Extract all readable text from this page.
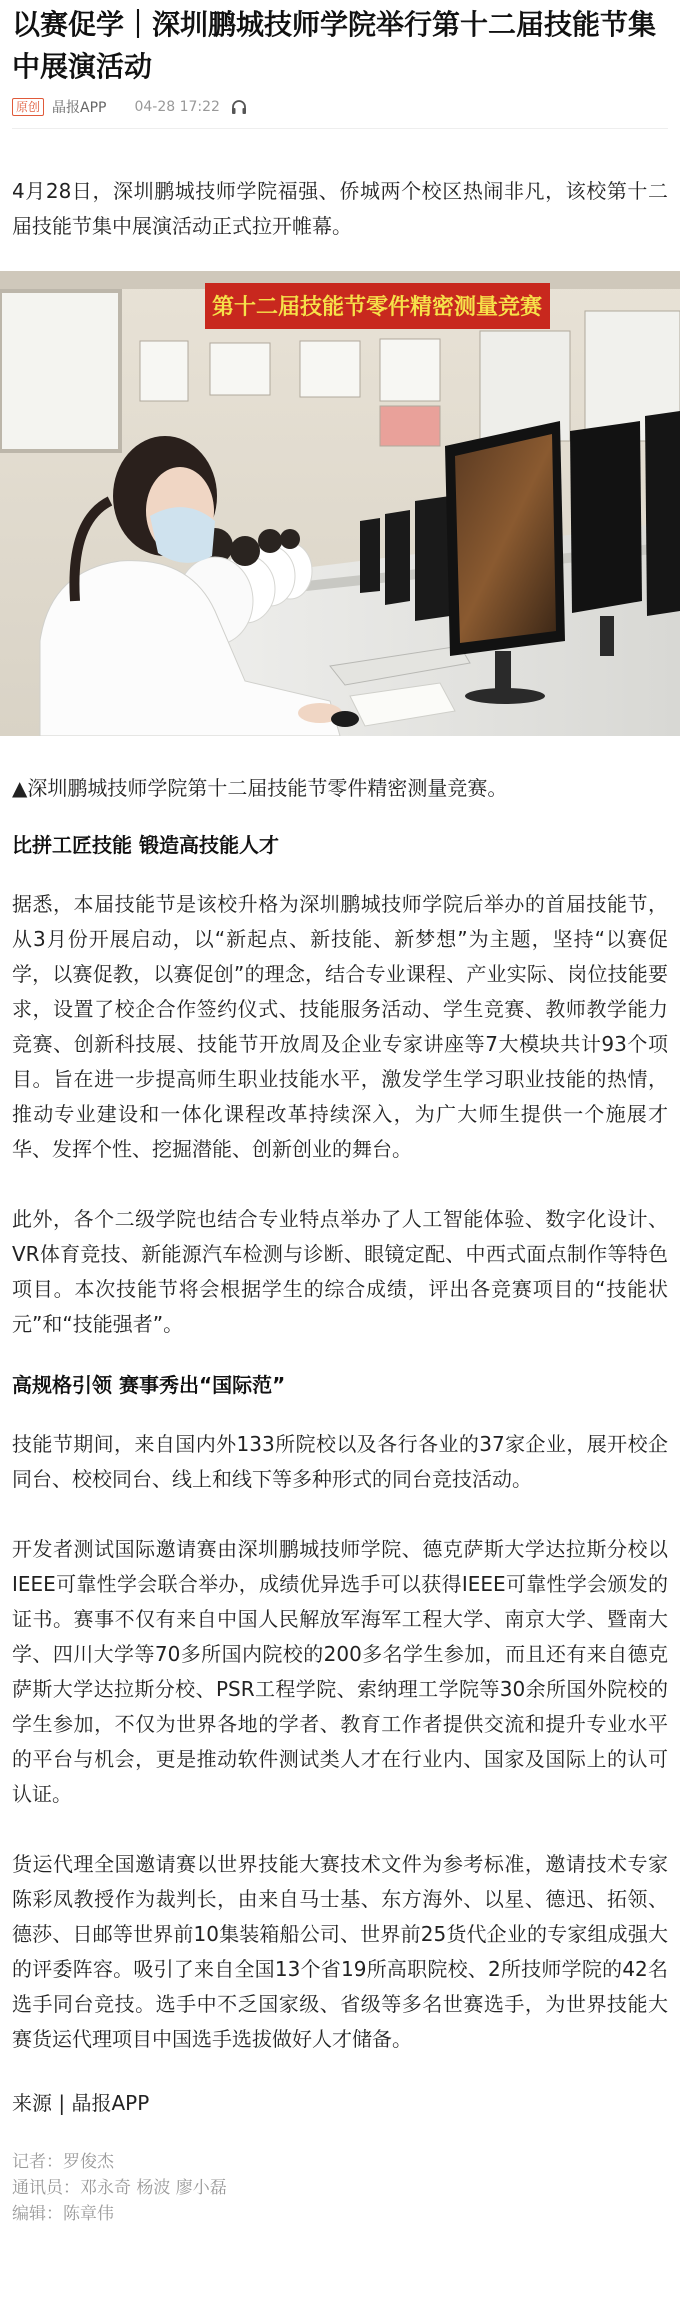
以赛促学｜深圳鹏城技师学院举行第十二届技能节集中展演活动
原创 晶报APP 04-28 17:22

4月28日，深圳鹏城技师学院福强、侨城两个校区热闹非凡，该校第十二届技能节集中展演活动正式拉开帷幕。

第十二届技能节零件精密测量竞赛

▲深圳鹏城技师学院第十二届技能节零件精密测量竞赛。

比拼工匠技能 锻造高技能人才

据悉，本届技能节是该校升格为深圳鹏城技师学院后举办的首届技能节，从3月份开展启动，以“新起点、新技能、新梦想”为主题，坚持“以赛促学，以赛促教，以赛促创”的理念，结合专业课程、产业实际、岗位技能要求，设置了校企合作签约仪式、技能服务活动、学生竞赛、教师教学能力竞赛、创新科技展、技能节开放周及企业专家讲座等7大模块共计93个项目。旨在进一步提高师生职业技能水平，激发学生学习职业技能的热情，推动专业建设和一体化课程改革持续深入，为广大师生提供一个施展才华、发挥个性、挖掘潜能、创新创业的舞台。

此外，各个二级学院也结合专业特点举办了人工智能体验、数字化设计、VR体育竞技、新能源汽车检测与诊断、眼镜定配、中西式面点制作等特色项目。本次技能节将会根据学生的综合成绩，评出各竞赛项目的“技能状元”和“技能强者”。

高规格引领 赛事秀出“国际范”

技能节期间，来自国内外133所院校以及各行各业的37家企业，展开校企同台、校校同台、线上和线下等多种形式的同台竞技活动。

开发者测试国际邀请赛由深圳鹏城技师学院、德克萨斯大学达拉斯分校以IEEE可靠性学会联合举办，成绩优异选手可以获得IEEE可靠性学会颁发的证书。赛事不仅有来自中国人民解放军海军工程大学、南京大学、暨南大学、四川大学等70多所国内院校的200多名学生参加，而且还有来自德克萨斯大学达拉斯分校、PSR工程学院、索纳理工学院等30余所国外院校的学生参加，不仅为世界各地的学者、教育工作者提供交流和提升专业水平的平台与机会，更是推动软件测试类人才在行业内、国家及国际上的认可认证。

货运代理全国邀请赛以世界技能大赛技术文件为参考标准，邀请技术专家陈彩凤教授作为裁判长，由来自马士基、东方海外、以星、德迅、拓领、德莎、日邮等世界前10集装箱船公司、世界前25货代企业的专家组成强大的评委阵容。吸引了来自全国13个省19所高职院校、2所技师学院的42名选手同台竞技。选手中不乏国家级、省级等多名世赛选手，为世界技能大赛货运代理项目中国选手选拔做好人才储备。

来源 | 晶报APP

记者：罗俊杰

通讯员：邓永奇 杨波 廖小磊

编辑：陈章伟
